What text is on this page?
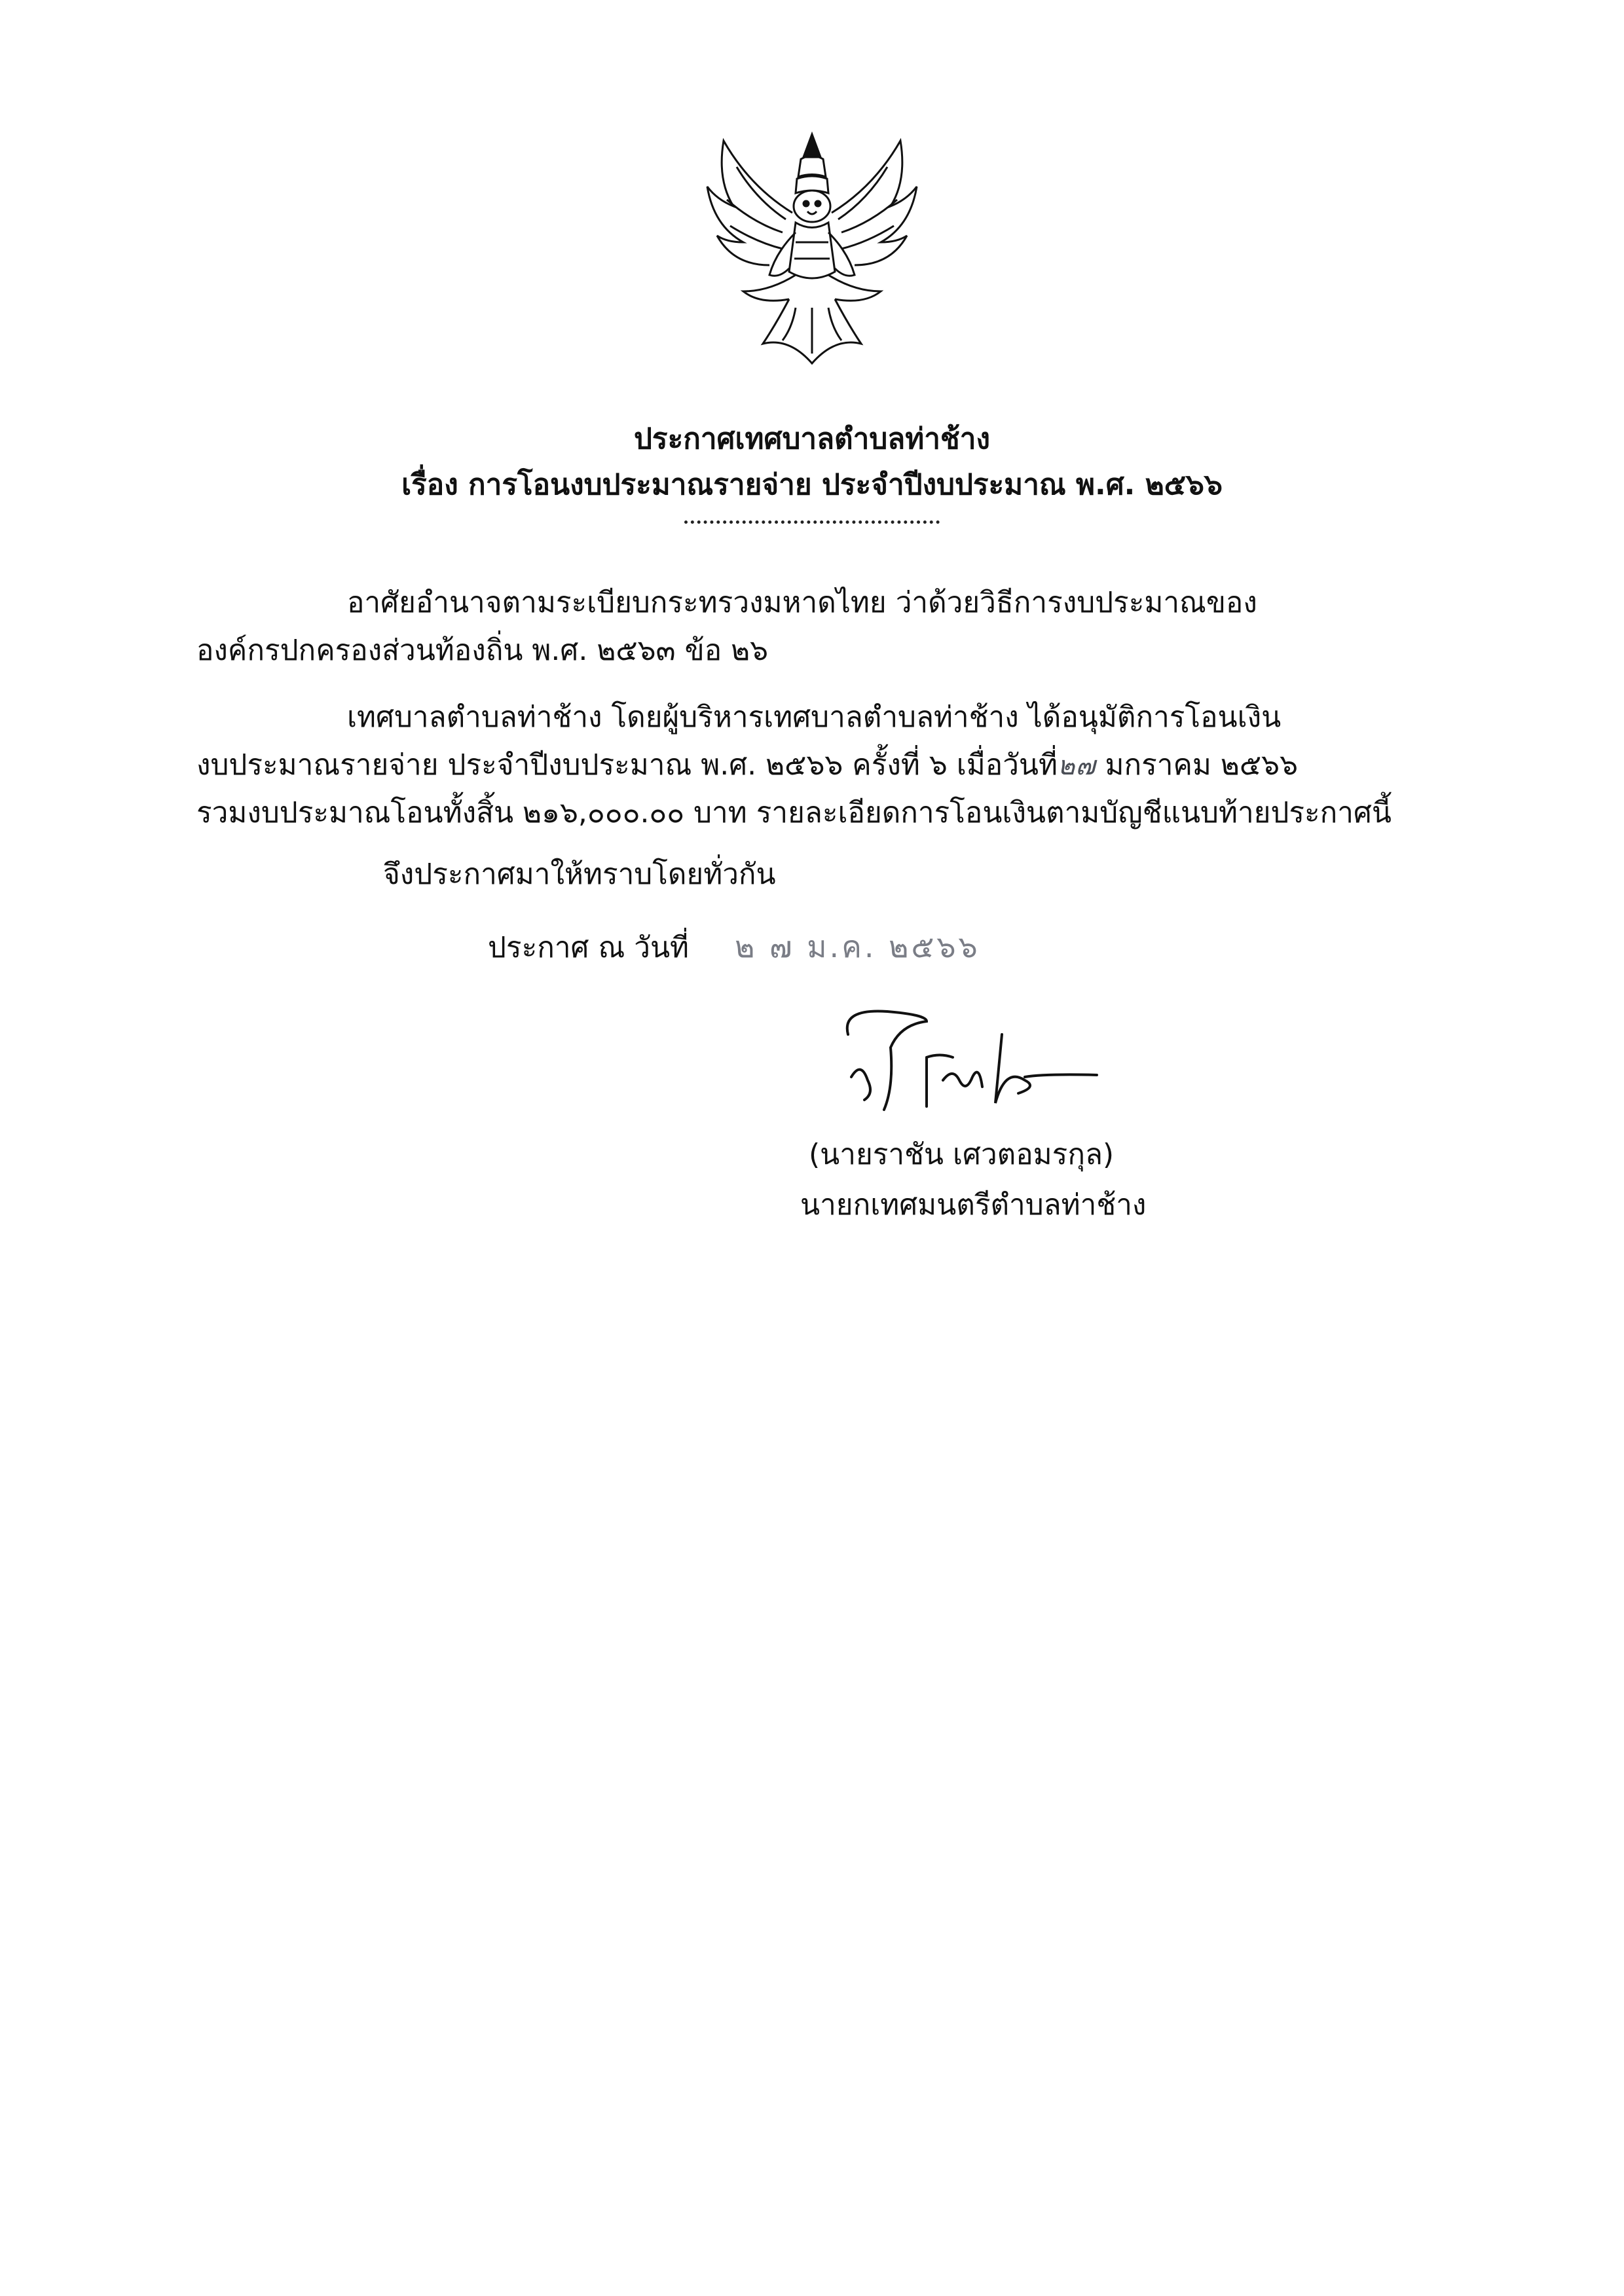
ประกาศเทศบาลตำบลท่าช้าง
เรื่อง การโอนงบประมาณรายจ่าย ประจำปีงบประมาณ พ.ศ. ๒๕๖๖
อาศัยอำนาจตามระเบียบกระทรวงมหาดไทย ว่าด้วยวิธีการงบประมาณของ
องค์กรปกครองส่วนท้องถิ่น พ.ศ. ๒๕๖๓ ข้อ ๒๖
เทศบาลตำบลท่าช้าง โดยผู้บริหารเทศบาลตำบลท่าช้าง ได้อนุมัติการโอนเงิน
งบประมาณรายจ่าย ประจำปีงบประมาณ พ.ศ. ๒๕๖๖ ครั้งที่ ๖ เมื่อวันที่๒๗ มกราคม ๒๕๖๖
รวมงบประมาณโอนทั้งสิ้น ๒๑๖,๐๐๐.๐๐ บาท รายละเอียดการโอนเงินตามบัญชีแนบท้ายประกาศนี้
จึงประกาศมาให้ทราบโดยทั่วกัน
ประกาศ ณ วันที่ ๒ ๗ ม.ค. ๒๕๖๖
(นายราชัน เศวตอมรกุล)
นายกเทศมนตรีตำบลท่าช้าง
